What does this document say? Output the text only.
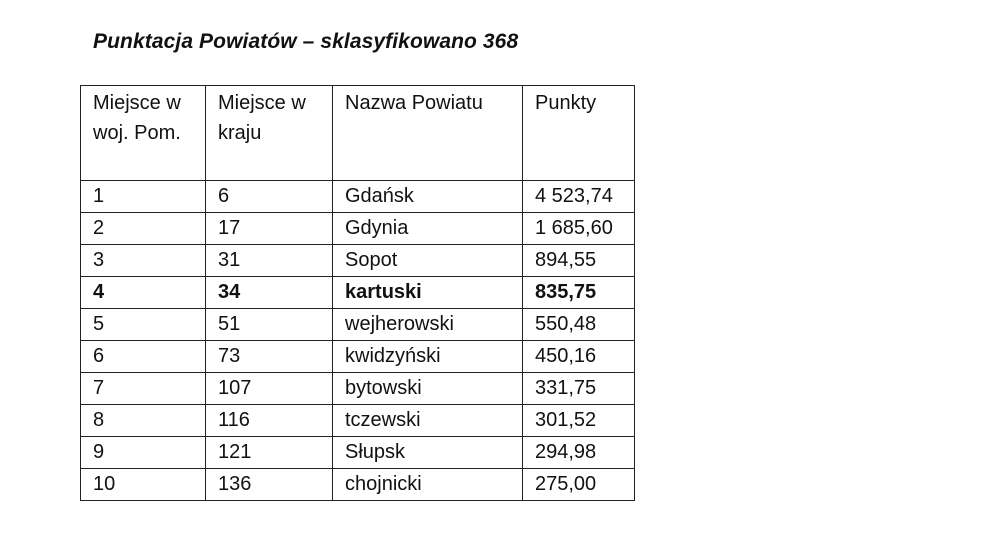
Punktacja Powiatów – sklasyfikowano 368
Miejsce w woj. Pom.	Miejsce w kraju	Nazwa Powiatu	Punkty
1	6	Gdańsk	4 523,74
2	17	Gdynia	1 685,60
3	31	Sopot	894,55
4	34	kartuski	835,75
5	51	wejherowski	550,48
6	73	kwidzyński	450,16
7	107	bytowski	331,75
8	116	tczewski	301,52
9	121	Słupsk	294,98
10	136	chojnicki	275,00
